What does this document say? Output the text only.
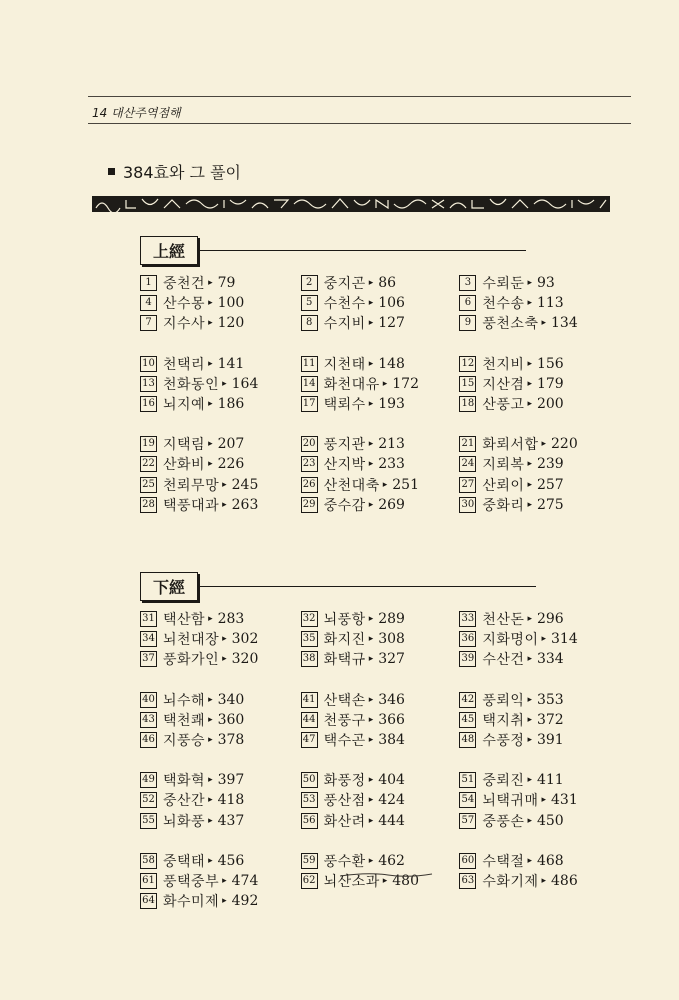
14 대산주역점해
384효와 그 풀이
上經
1 중천건 ▸ 79	2 중지곤 ▸ 86	3 수뢰둔 ▸ 93
4 산수몽 ▸ 100	5 수천수 ▸ 106	6 천수송 ▸ 113
7 지수사 ▸ 120	8 수지비 ▸ 127	9 풍천소축 ▸ 134
10 천택리 ▸ 141	11 지천태 ▸ 148	12 천지비 ▸ 156
13 천화동인 ▸ 164	14 화천대유 ▸ 172	15 지산겸 ▸ 179
16 뇌지예 ▸ 186	17 택뢰수 ▸ 193	18 산풍고 ▸ 200
19 지택림 ▸ 207	20 풍지관 ▸ 213	21 화뢰서합 ▸ 220
22 산화비 ▸ 226	23 산지박 ▸ 233	24 지뢰복 ▸ 239
25 천뢰무망 ▸ 245	26 산천대축 ▸ 251	27 산뢰이 ▸ 257
28 택풍대과 ▸ 263	29 중수감 ▸ 269	30 중화리 ▸ 275
下經
31 택산함 ▸ 283	32 뇌풍항 ▸ 289	33 천산돈 ▸ 296
34 뇌천대장 ▸ 302	35 화지진 ▸ 308	36 지화명이 ▸ 314
37 풍화가인 ▸ 320	38 화택규 ▸ 327	39 수산건 ▸ 334
40 뇌수해 ▸ 340	41 산택손 ▸ 346	42 풍뢰익 ▸ 353
43 택천쾌 ▸ 360	44 천풍구 ▸ 366	45 택지취 ▸ 372
46 지풍승 ▸ 378	47 택수곤 ▸ 384	48 수풍정 ▸ 391
49 택화혁 ▸ 397	50 화풍정 ▸ 404	51 중뢰진 ▸ 411
52 중산간 ▸ 418	53 풍산점 ▸ 424	54 뇌택귀매 ▸ 431
55 뇌화풍 ▸ 437	56 화산려 ▸ 444	57 중풍손 ▸ 450
58 중택태 ▸ 456	59 풍수환 ▸ 462	60 수택절 ▸ 468
61 풍택중부 ▸ 474	62 뇌산소과 ▸ 480	63 수화기제 ▸ 486
64 화수미제 ▸ 492
